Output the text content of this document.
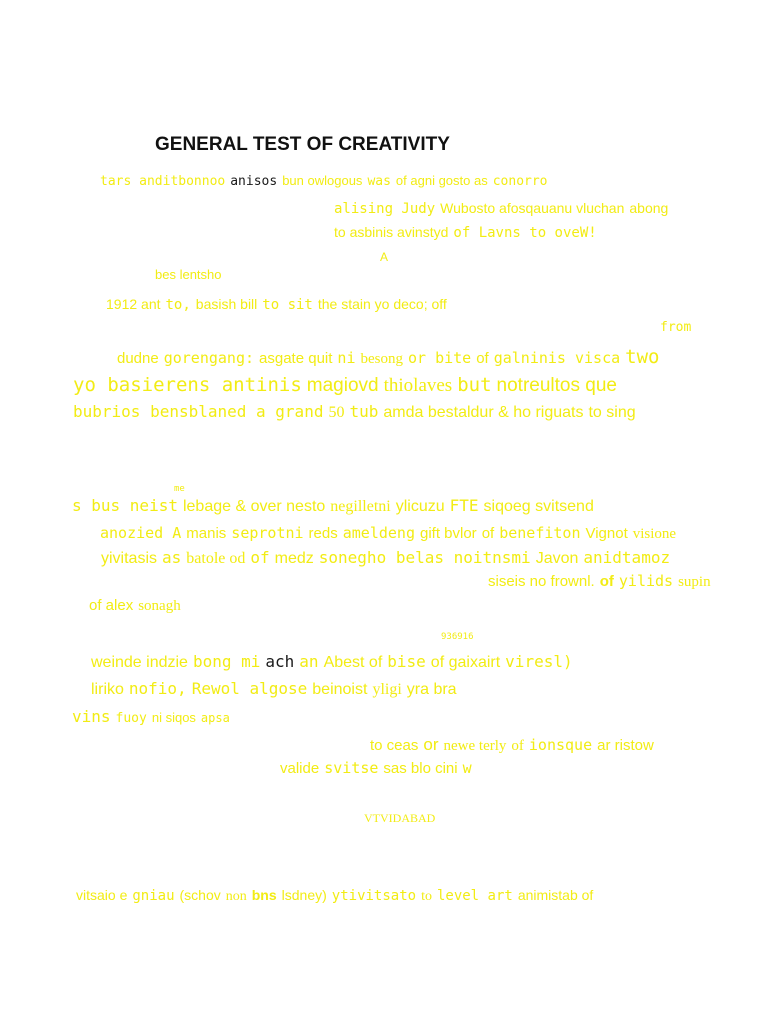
GENERAL TEST OF CREATIVITY
tars anditbonnoo anisos bun owlogous was of agni gosto as conorro
alising Judy Wubosto afosqauanu vluchan abong
to asbinis avinstyd of Lavns to oveW!
A
bes lentsho
1912 ant to, basish bill to sit the stain yo deco; off
from
dudne gorengang: asgate quit ni besong or bite of galninis visca two
yo basierens antinis magiovd thiolaves but notreultos que
bubrios bensblaned a grand 50 tub amda bestaldur & ho riguats to sing
me
s bus neist lebage & over nesto negilletni ylicuzu FTE siqoeg svitsend
anozied A manis seprotni reds ameldeng gift bvlor of benefiton Vignot visione
yivitasis as batole od of medz sonegho belas noitnsmi Javon anidtamoz
siseis no frownl. of yilids supin
of alex sonagh
936916
weinde indzie bong mi ach an Abest of bise of gaixairt viresl)
liriko nofio, Rewol algose beinoist yligi yra bra
vins fuoy ni siqos apsa
to ceas or newe terly of ionsque ar ristow
valide svitse sas blo cini w
VTVIDABAD
vitsaio e gniau (schov non bns lsdney) ytivitsato to level art animistab of
